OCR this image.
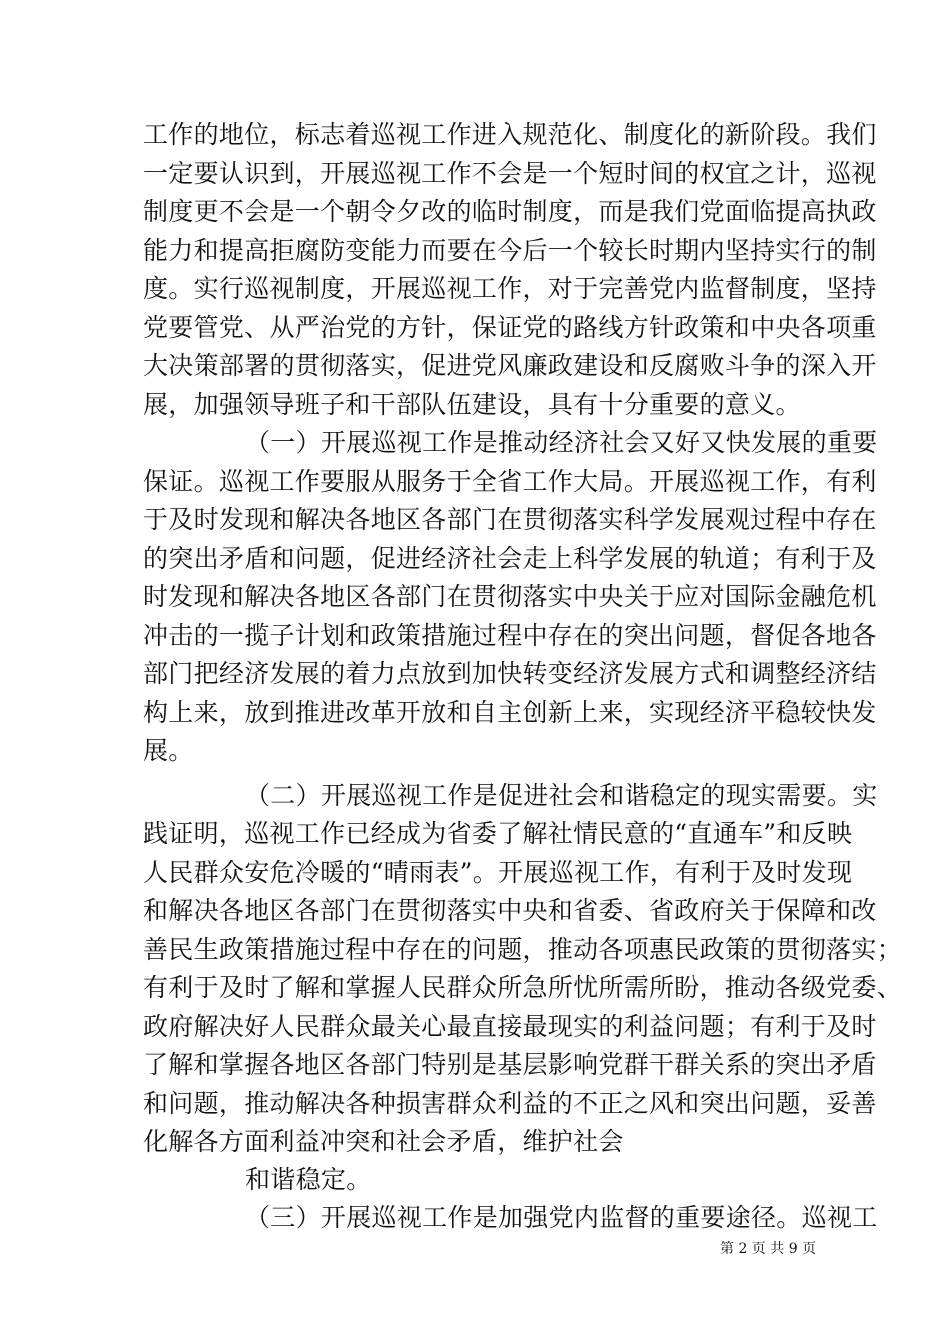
工作的地位，标志着巡视工作进入规范化、制度化的新阶段。我们
一定要认识到，开展巡视工作不会是一个短时间的权宜之计，巡视
制度更不会是一个朝令夕改的临时制度，而是我们党面临提高执政
能力和提高拒腐防变能力而要在今后一个较长时期内坚持实行的制
度。实行巡视制度，开展巡视工作，对于完善党内监督制度，坚持
党要管党、从严治党的方针，保证党的路线方针政策和中央各项重
大决策部署的贯彻落实，促进党风廉政建设和反腐败斗争的深入开
展，加强领导班子和干部队伍建设，具有十分重要的意义。
（一）开展巡视工作是推动经济社会又好又快发展的重要
保证。巡视工作要服从服务于全省工作大局。开展巡视工作，有利
于及时发现和解决各地区各部门在贯彻落实科学发展观过程中存在
的突出矛盾和问题，促进经济社会走上科学发展的轨道；有利于及
时发现和解决各地区各部门在贯彻落实中央关于应对国际金融危机
冲击的一揽子计划和政策措施过程中存在的突出问题，督促各地各
部门把经济发展的着力点放到加快转变经济发展方式和调整经济结
构上来，放到推进改革开放和自主创新上来，实现经济平稳较快发
展。
（二）开展巡视工作是促进社会和谐稳定的现实需要。实
践证明，巡视工作已经成为省委了解社情民意的“直通车”和反映
人民群众安危冷暖的“晴雨表”。开展巡视工作，有利于及时发现
和解决各地区各部门在贯彻落实中央和省委、省政府关于保障和改
善民生政策措施过程中存在的问题，推动各项惠民政策的贯彻落实；
有利于及时了解和掌握人民群众所急所忧所需所盼，推动各级党委、
政府解决好人民群众最关心最直接最现实的利益问题；有利于及时
了解和掌握各地区各部门特别是基层影响党群干群关系的突出矛盾
和问题，推动解决各种损害群众利益的不正之风和突出问题，妥善
化解各方面利益冲突和社会矛盾，维护社会
和谐稳定。
（三）开展巡视工作是加强党内监督的重要途径。巡视工
第 2 页 共 9 页
